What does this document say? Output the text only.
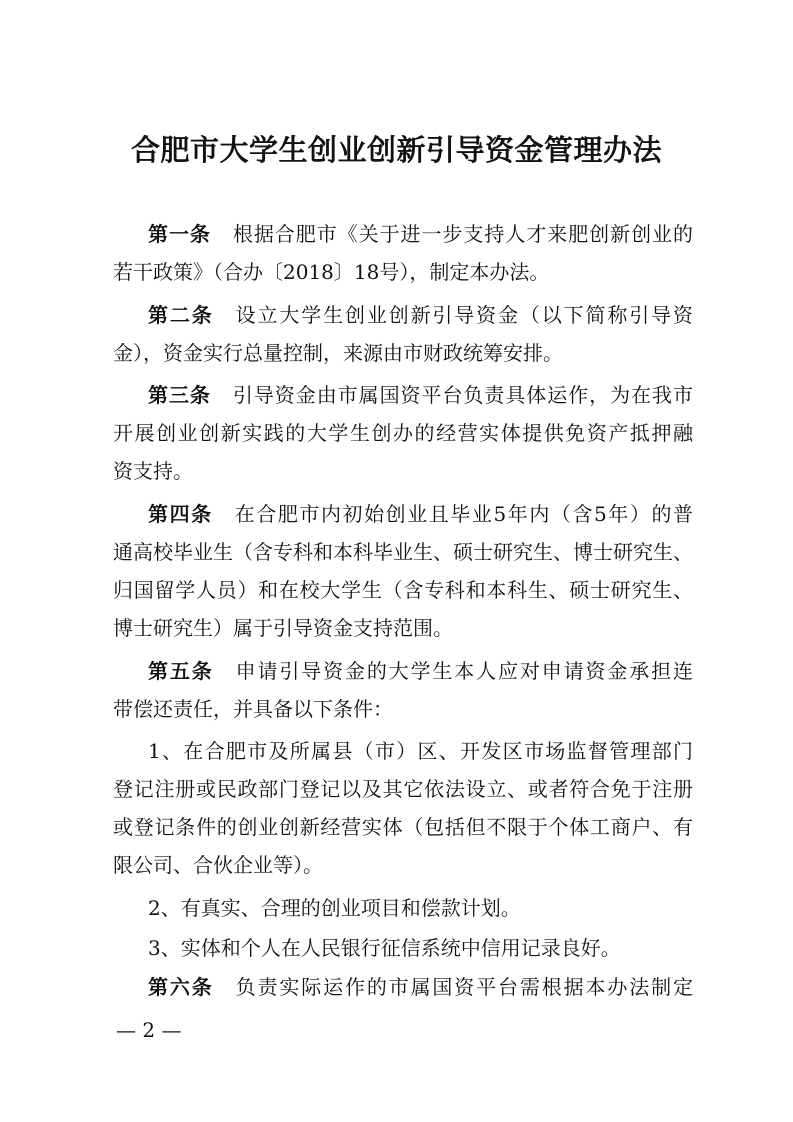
合肥市大学生创业创新引导资金管理办法
第一条 根据合肥市《关于进一步支持人才来肥创新创业的
若干政策》（合办〔2018〕18号），制定本办法。
第二条 设立大学生创业创新引导资金（以下简称引导资
金），资金实行总量控制，来源由市财政统筹安排。
第三条 引导资金由市属国资平台负责具体运作，为在我市
开展创业创新实践的大学生创办的经营实体提供免资产抵押融
资支持。
第四条 在合肥市内初始创业且毕业5年内（含5年）的普
通高校毕业生（含专科和本科毕业生、硕士研究生、博士研究生、
归国留学人员）和在校大学生（含专科和本科生、硕士研究生、
博士研究生）属于引导资金支持范围。
第五条 申请引导资金的大学生本人应对申请资金承担连
带偿还责任，并具备以下条件：
1、在合肥市及所属县（市）区、开发区市场监督管理部门
登记注册或民政部门登记以及其它依法设立、或者符合免于注册
或登记条件的创业创新经营实体（包括但不限于个体工商户、有
限公司、合伙企业等）。
2、有真实、合理的创业项目和偿款计划。
3、实体和个人在人民银行征信系统中信用记录良好。
第六条 负责实际运作的市属国资平台需根据本办法制定
— 2 —
